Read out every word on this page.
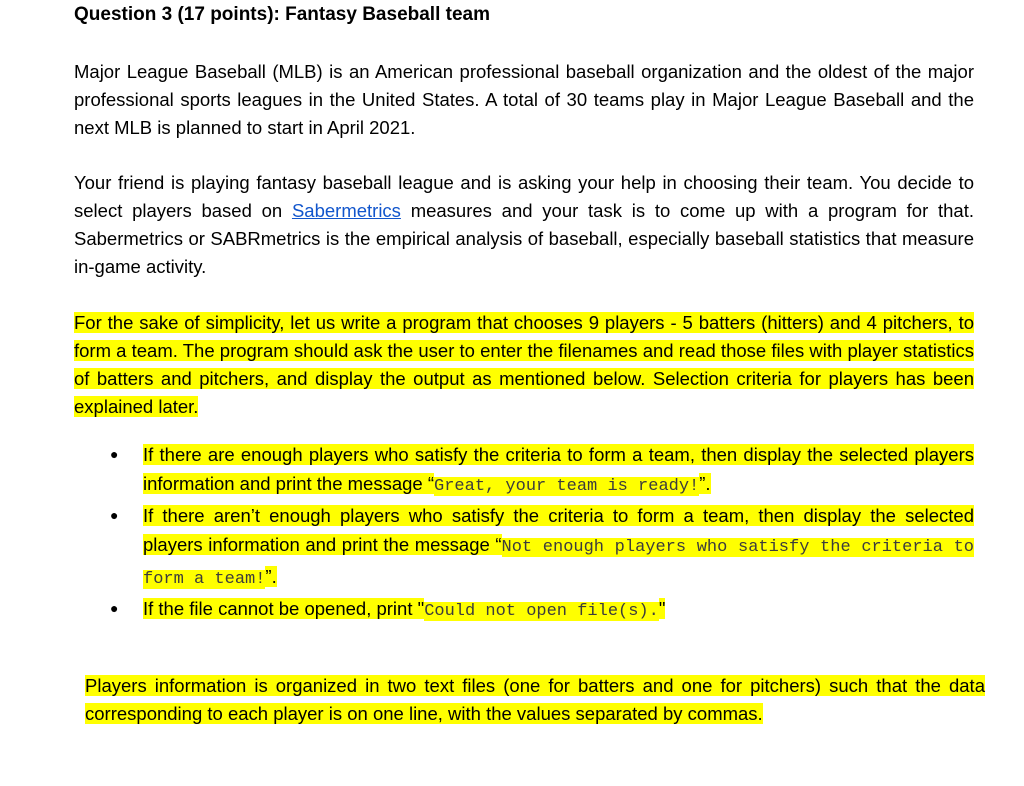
Question 3 (17 points): Fantasy Baseball team
Major League Baseball (MLB) is an American professional baseball organization and the oldest of the major professional sports leagues in the United States. A total of 30 teams play in Major League Baseball and the next MLB is planned to start in April 2021.
Your friend is playing fantasy baseball league and is asking your help in choosing their team. You decide to select players based on Sabermetrics measures and your task is to come up with a program for that. Sabermetrics or SABRmetrics is the empirical analysis of baseball, especially baseball statistics that measure in-game activity.
For the sake of simplicity, let us write a program that chooses 9 players - 5 batters (hitters) and 4 pitchers, to form a team. The program should ask the user to enter the filenames and read those files with player statistics of batters and pitchers, and display the output as mentioned below. Selection criteria for players has been explained later.
● If there are enough players who satisfy the criteria to form a team, then display the selected players information and print the message “Great, your team is ready!”.
● If there aren’t enough players who satisfy the criteria to form a team, then display the selected players information and print the message “Not enough players who satisfy the criteria to form a team!”.
● If the file cannot be opened, print "Could not open file(s)."
Players information is organized in two text files (one for batters and one for pitchers) such that the data corresponding to each player is on one line, with the values separated by commas.
